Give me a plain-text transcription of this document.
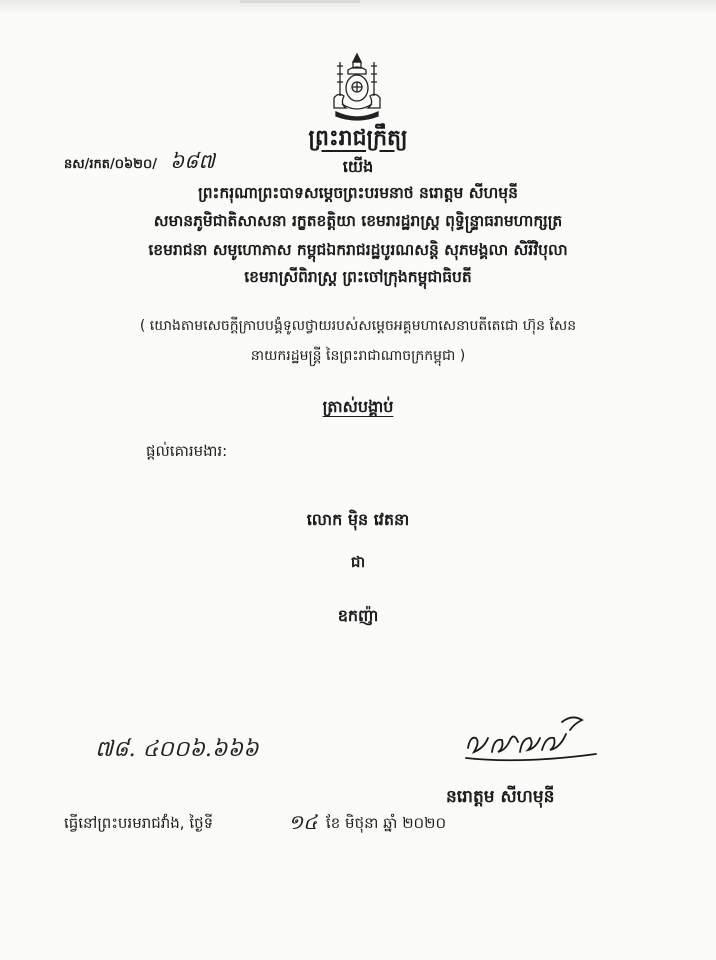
ព្រះរាជក្រឹត្យ
នស/រកត/០៦២០/ ៦៨៧	យើង
ព្រះករុណាព្រះបាទសម្តេចព្រះបរមនាថ នរោត្តម សីហមុនី
សមានភូមិជាតិសាសនា រក្ខតខត្តិយា ខេមរារដ្ឋរាស្ត្រ ពុទ្ធិន្ទ្រាធរាមហាក្សត្រ
ខេមរាជនា សមូហោភាស កម្ពុជឯករាជរដ្ឋបូរណសន្តិ សុភមង្គលា សិរីវិបុលា
ខេមរាស្រីពិរាស្ត្រ ព្រះចៅក្រុងកម្ពុជាធិបតី
( យោងតាមសេចក្តីក្រាបបង្គំទូលថ្វាយរបស់សម្តេចអគ្គមហាសេនាបតីតេជោ ហ៊ុន សែន
នាយករដ្ឋមន្ត្រី នៃព្រះរាជាណាចក្រកម្ពុជា )
ត្រាស់បង្គាប់
ផ្តល់គោរមងារ:
លោក ម៉ិន វេតនា
ជា
ឧកញ៉ា
៧៨. ៤០០៦.៦៦៦
នរោត្តម សីហមុនី
ធ្វើនៅព្រះបរមរាជវាំង, ថ្ងៃទី	១៤ ខែ មិថុនា ឆ្នាំ ២០២០
